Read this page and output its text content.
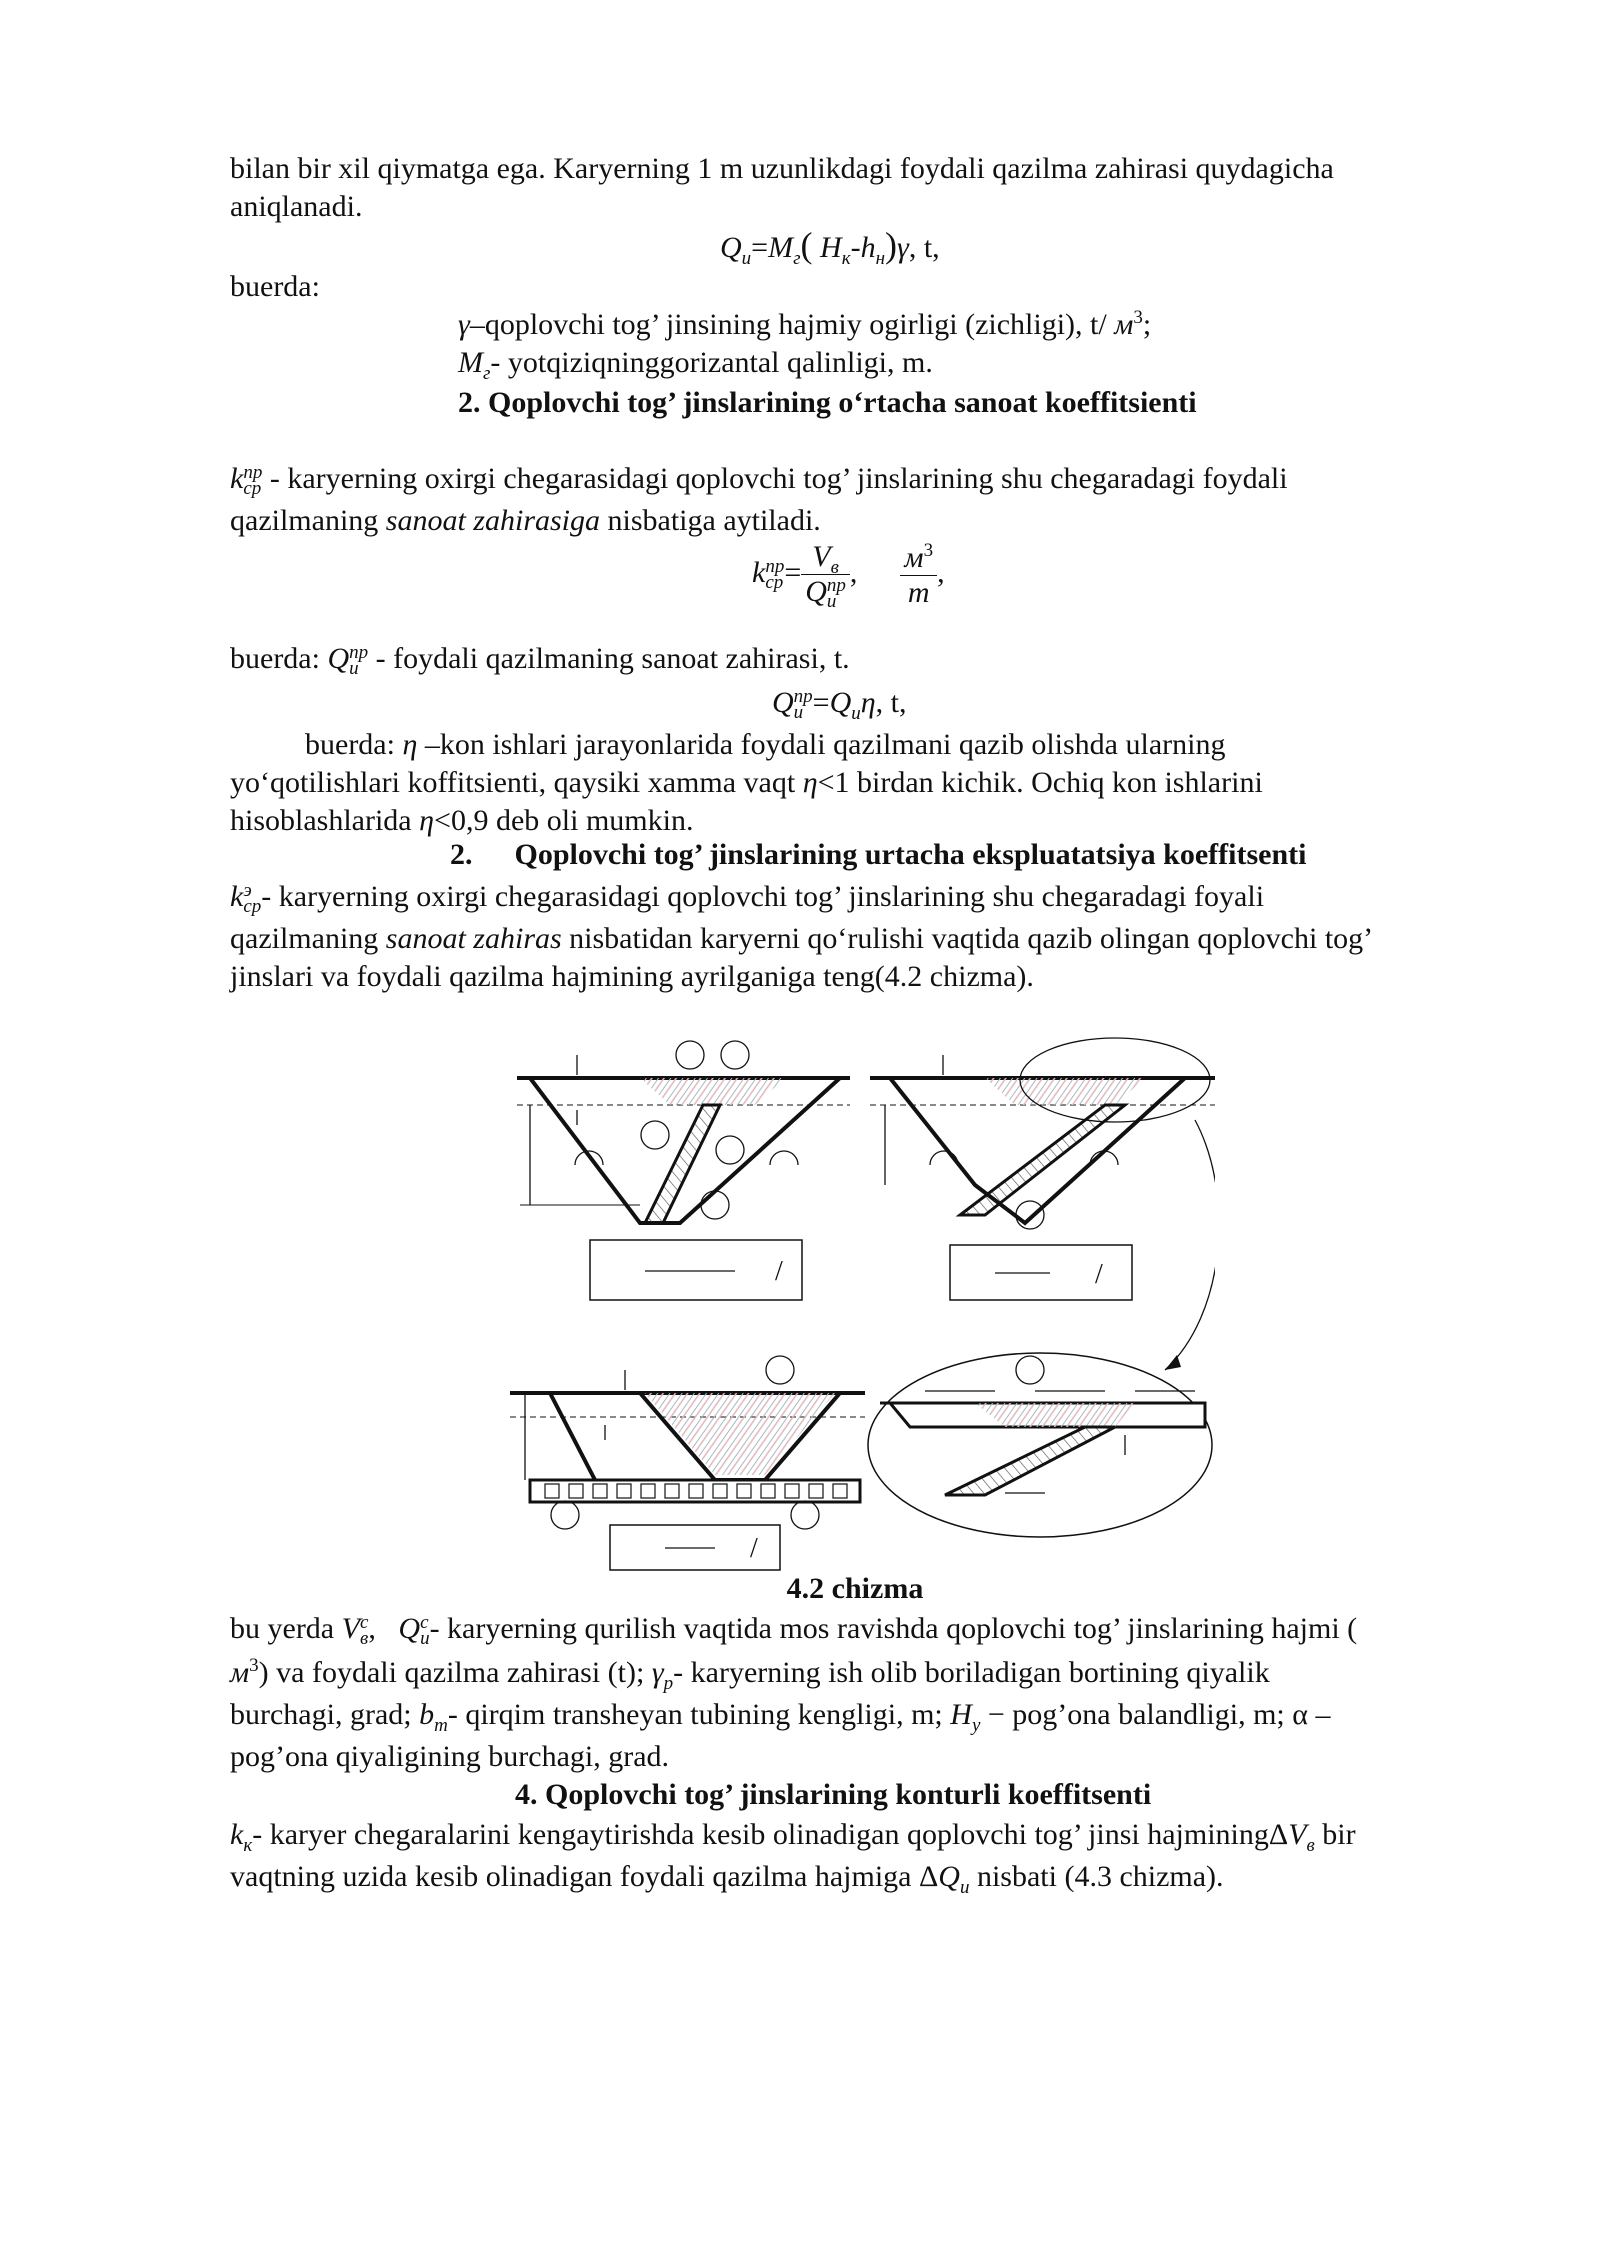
bilan bir xil qiymatga ega. Karyerning 1 m uzunlikdagi foydali qazilma zahirasi quydagicha

aniqlanadi.

$Q_и=M_г$( $H_к-h_н)\gamma$, t,

buerda:

γ–qoplovchi tog’ jinsining hajmiy ogirligi (zichligi), t/ $м^3$;

$M_г-$ yotqiziqninggorizantal qalinligi, m.

2. Qoplovchi tog’ jinslarining o‘rtacha sanoat koeffitsienti

k пр
ср - karyerning oxirgi chegarasidagi qoplovchi tog’ jinslarining shu chegaradagi foydali

qazilmaning sanoat zahirasiga nisbatiga aytiladi.

k пр
ср = $V_в$
Q пр
и , $\frac{м^3}{т}$ ,

buerda: Q пр
и - foydali qazilmaning sanoat zahirasi, t.

Q пр
$и =Q_и\eta$, t,

buerda: η –kon ishlari jarayonlarida foydali qazilmani qazib olishda ularning

yo‘qotilishlari koffitsienti, qaysiki xamma vaqt η<1 birdan kichik. Ochiq kon ishlarini

hisoblashlarida η<0,9 deb oli mumkin.

2. Qoplovchi tog’ jinslarining urtacha ekspluatatsiya koeffitsenti

k э
ср - karyerning oxirgi chegarasidagi qoplovchi tog’ jinslarining shu chegaradagi foyali

qazilmaning sanoat zahiras nisbatidan karyerni qo‘rulishi vaqtida qazib olingan qoplovchi tog’

jinslari va foydali qazilma hajmining ayrilganiga teng(4.2 chizma).

/	/
/

4.2 chizma

bu yerda V c
в ,   Q c
и - karyerning qurilish vaqtida mos ravishda qoplovchi tog’ jinslarining hajmi (

$м^3$) va foydali qazilma zahirasi (t); $\gamma_р-$ karyerning ish olib boriladigan bortining qiyalik

burchagi, grad; $b_т-$ qirqim transheyan tubining kengligi, m; $H_у$ − pog’ona balandligi, m; α –

pog’ona qiyaligining burchagi, grad.

4. Qoplovchi tog’ jinslarining konturli koeffitsenti

$k_к-$ karyer chegaralarini kengaytirishda kesib olinadigan qoplovchi tog’ jinsi hajminingΔV$_в$ bir

vaqtning uzida kesib olinadigan foydali qazilma hajmiga $\Delta Q_и$ nisbati (4.3 chizma).
